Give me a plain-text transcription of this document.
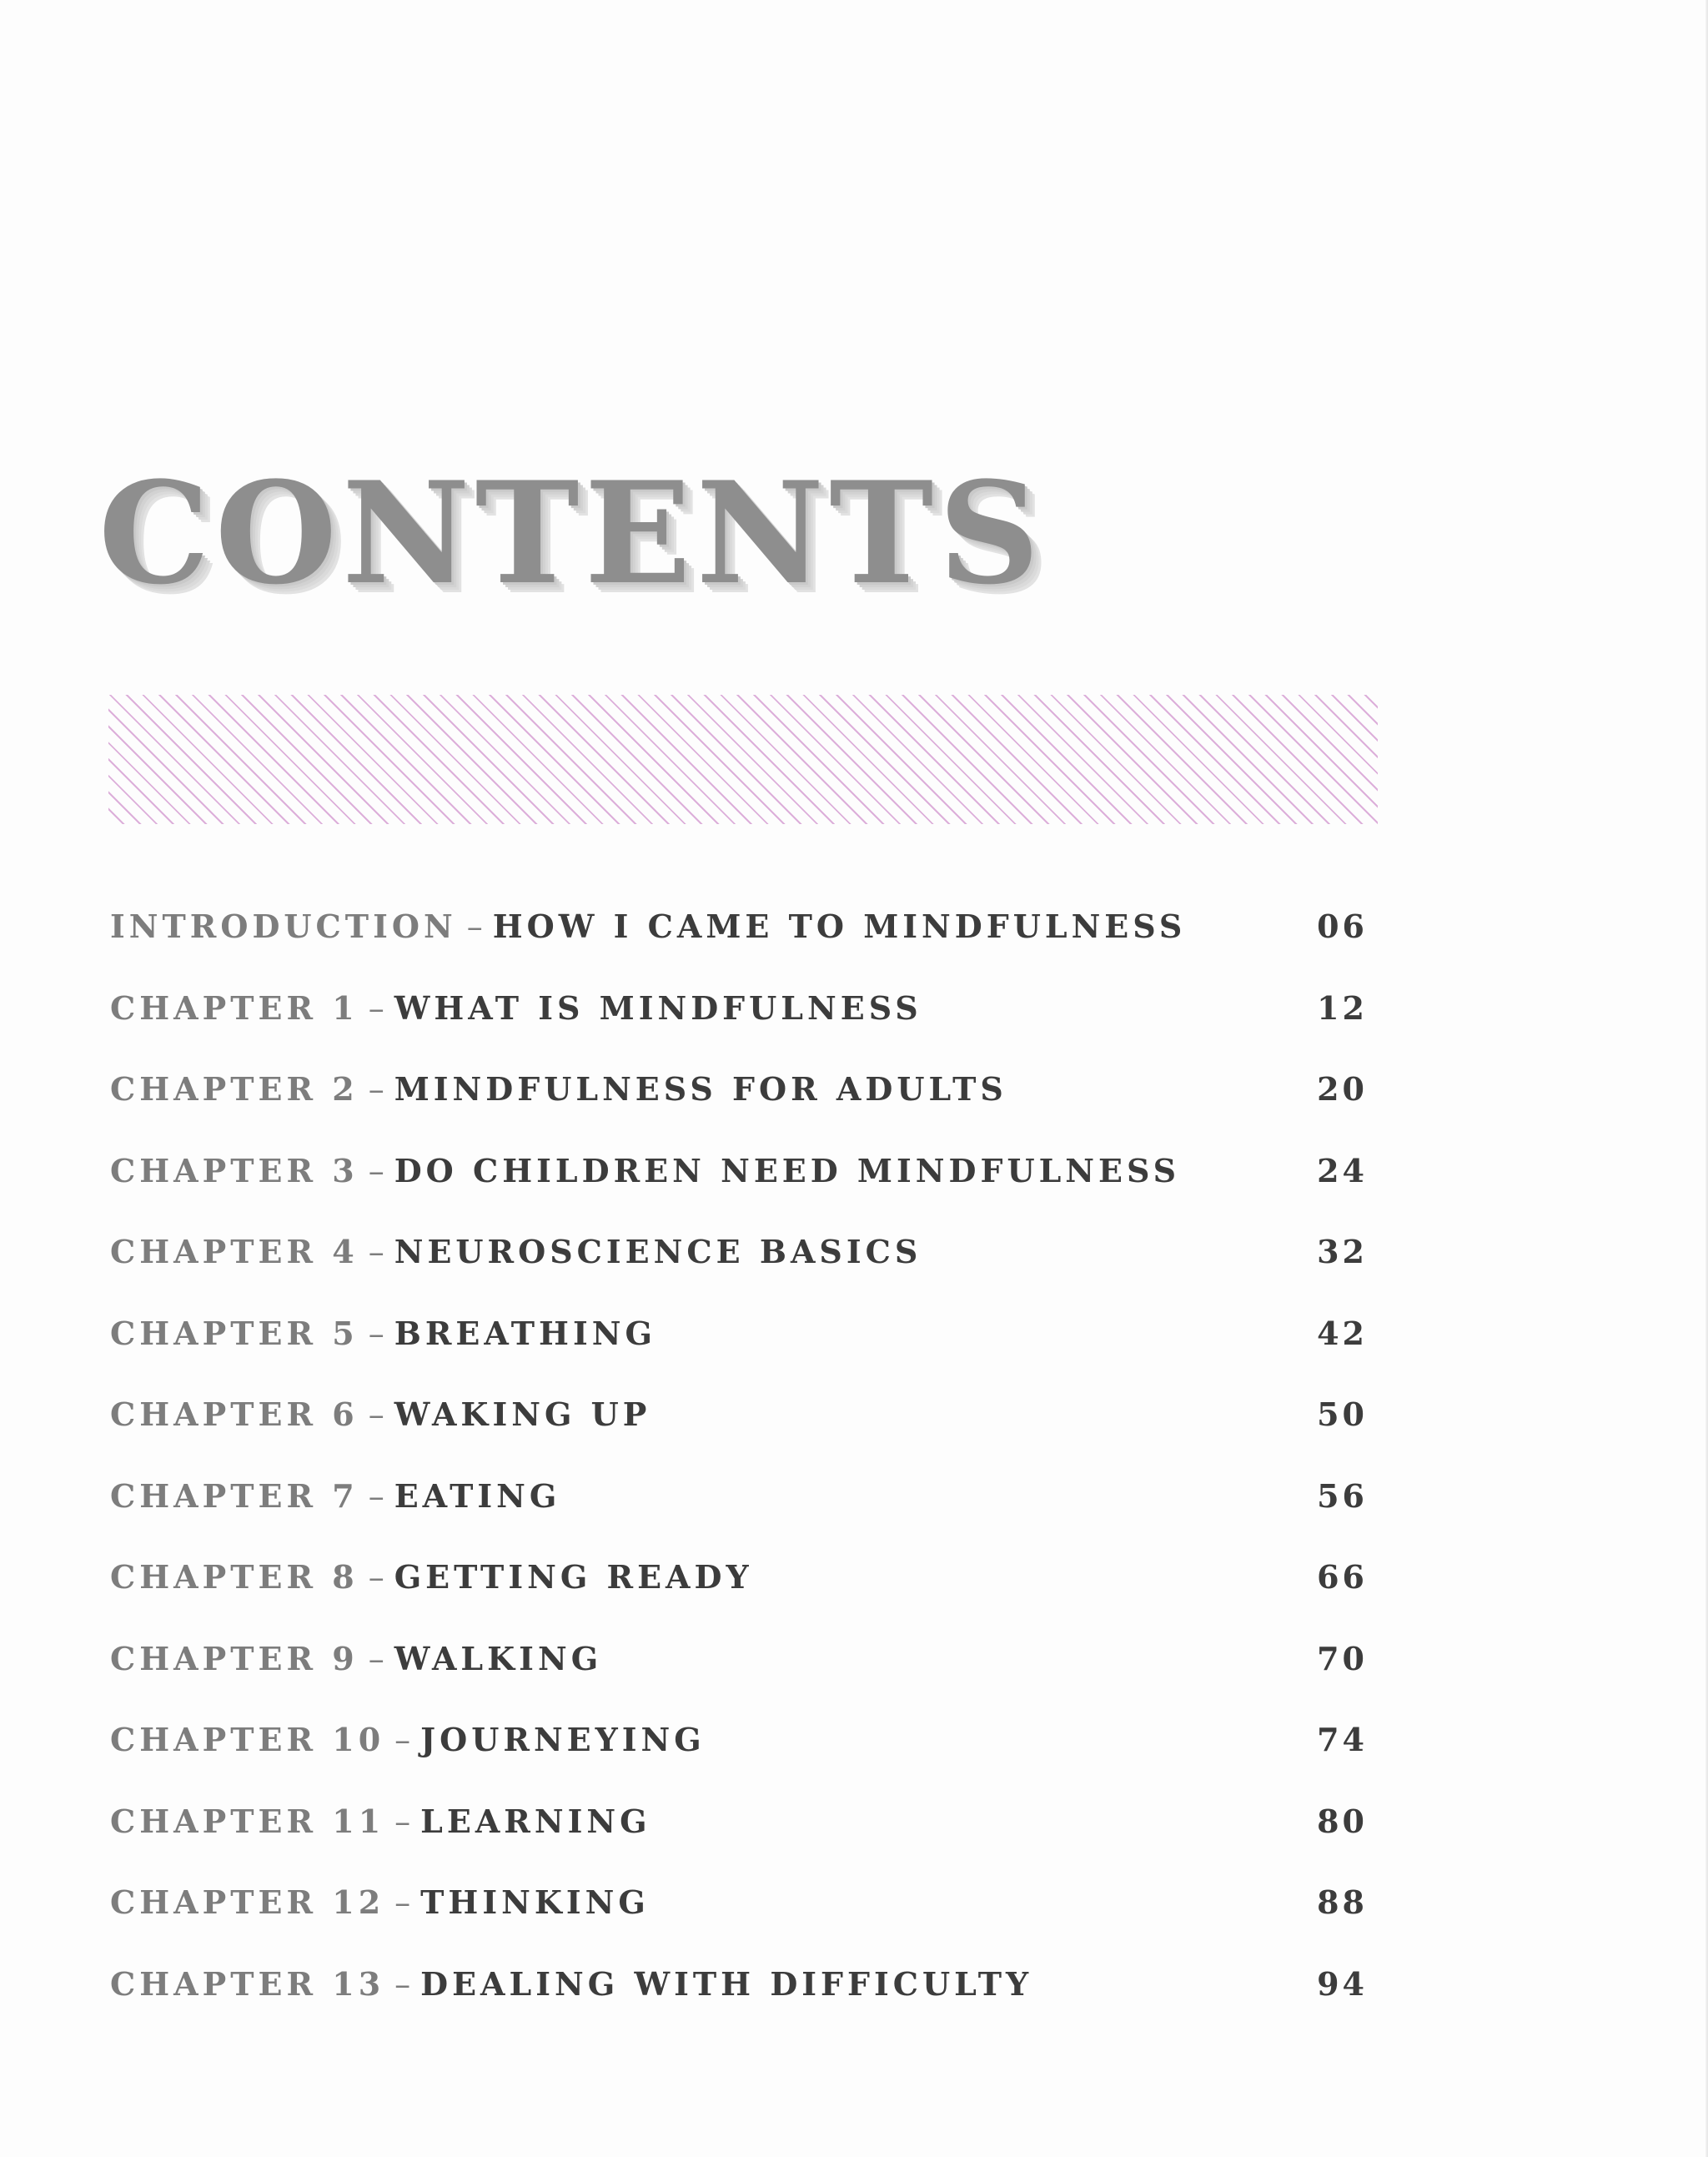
CONTENTS
INTRODUCTION – HOW I CAME TO MINDFULNESS	06
CHAPTER 1 – WHAT IS MINDFULNESS	12
CHAPTER 2 – MINDFULNESS FOR ADULTS	20
CHAPTER 3 – DO CHILDREN NEED MINDFULNESS	24
CHAPTER 4 – NEUROSCIENCE BASICS	32
CHAPTER 5 – BREATHING	42
CHAPTER 6 – WAKING UP	50
CHAPTER 7 – EATING	56
CHAPTER 8 – GETTING READY	66
CHAPTER 9 – WALKING	70
CHAPTER 10 – JOURNEYING	74
CHAPTER 11 – LEARNING	80
CHAPTER 12 – THINKING	88
CHAPTER 13 – DEALING WITH DIFFICULTY	94
